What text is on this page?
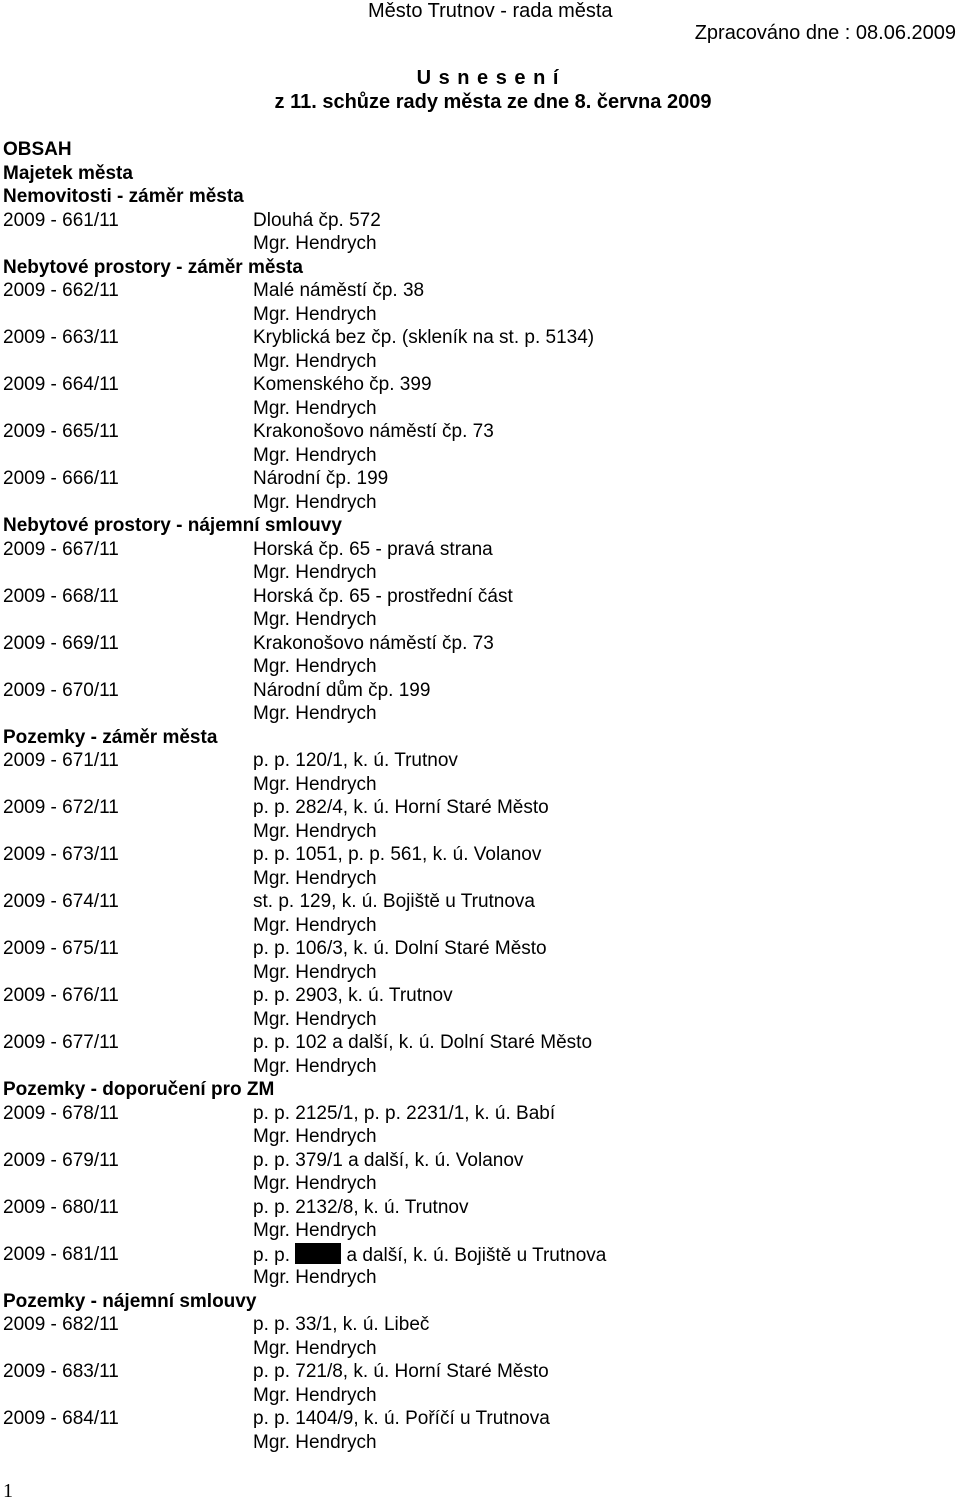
Město Trutnov - rada města
Zpracováno dne : 08.06.2009
U s n e s e n í
z 11. schůze rady města ze dne 8. června 2009
OBSAH
Majetek města
Nemovitosti - záměr města
2009 - 661/11	Dlouhá čp. 572
Mgr. Hendrych
Nebytové prostory - záměr města
2009 - 662/11	Malé náměstí čp. 38
Mgr. Hendrych
2009 - 663/11	Kryblická bez čp. (skleník na st. p. 5134)
Mgr. Hendrych
2009 - 664/11	Komenského čp. 399
Mgr. Hendrych
2009 - 665/11	Krakonošovo náměstí čp. 73
Mgr. Hendrych
2009 - 666/11	Národní čp. 199
Mgr. Hendrych
Nebytové prostory - nájemní smlouvy
2009 - 667/11	Horská čp. 65 - pravá strana
Mgr. Hendrych
2009 - 668/11	Horská čp. 65 - prostřední část
Mgr. Hendrych
2009 - 669/11	Krakonošovo náměstí čp. 73
Mgr. Hendrych
2009 - 670/11	Národní dům čp. 199
Mgr. Hendrych
Pozemky - záměr města
2009 - 671/11	p. p. 120/1, k. ú. Trutnov
Mgr. Hendrych
2009 - 672/11	p. p. 282/4, k. ú. Horní Staré Město
Mgr. Hendrych
2009 - 673/11	p. p. 1051, p. p. 561, k. ú. Volanov
Mgr. Hendrych
2009 - 674/11	st. p. 129, k. ú. Bojiště u Trutnova
Mgr. Hendrych
2009 - 675/11	p. p. 106/3, k. ú. Dolní Staré Město
Mgr. Hendrych
2009 - 676/11	p. p. 2903, k. ú. Trutnov
Mgr. Hendrych
2009 - 677/11	p. p. 102 a další, k. ú. Dolní Staré Město
Mgr. Hendrych
Pozemky - doporučení pro ZM
2009 - 678/11	p. p. 2125/1, p. p. 2231/1, k. ú. Babí
Mgr. Hendrych
2009 - 679/11	p. p. 379/1 a další, k. ú. Volanov
Mgr. Hendrych
2009 - 680/11	p. p. 2132/8, k. ú. Trutnov
Mgr. Hendrych
2009 - 681/11	p. p.	a další, k. ú. Bojiště u Trutnova
Mgr. Hendrych
Pozemky - nájemní smlouvy
2009 - 682/11	p. p. 33/1, k. ú. Libeč
Mgr. Hendrych
2009 - 683/11	p. p. 721/8, k. ú. Horní Staré Město
Mgr. Hendrych
2009 - 684/11	p. p. 1404/9, k. ú. Poříčí u Trutnova
Mgr. Hendrych
1
